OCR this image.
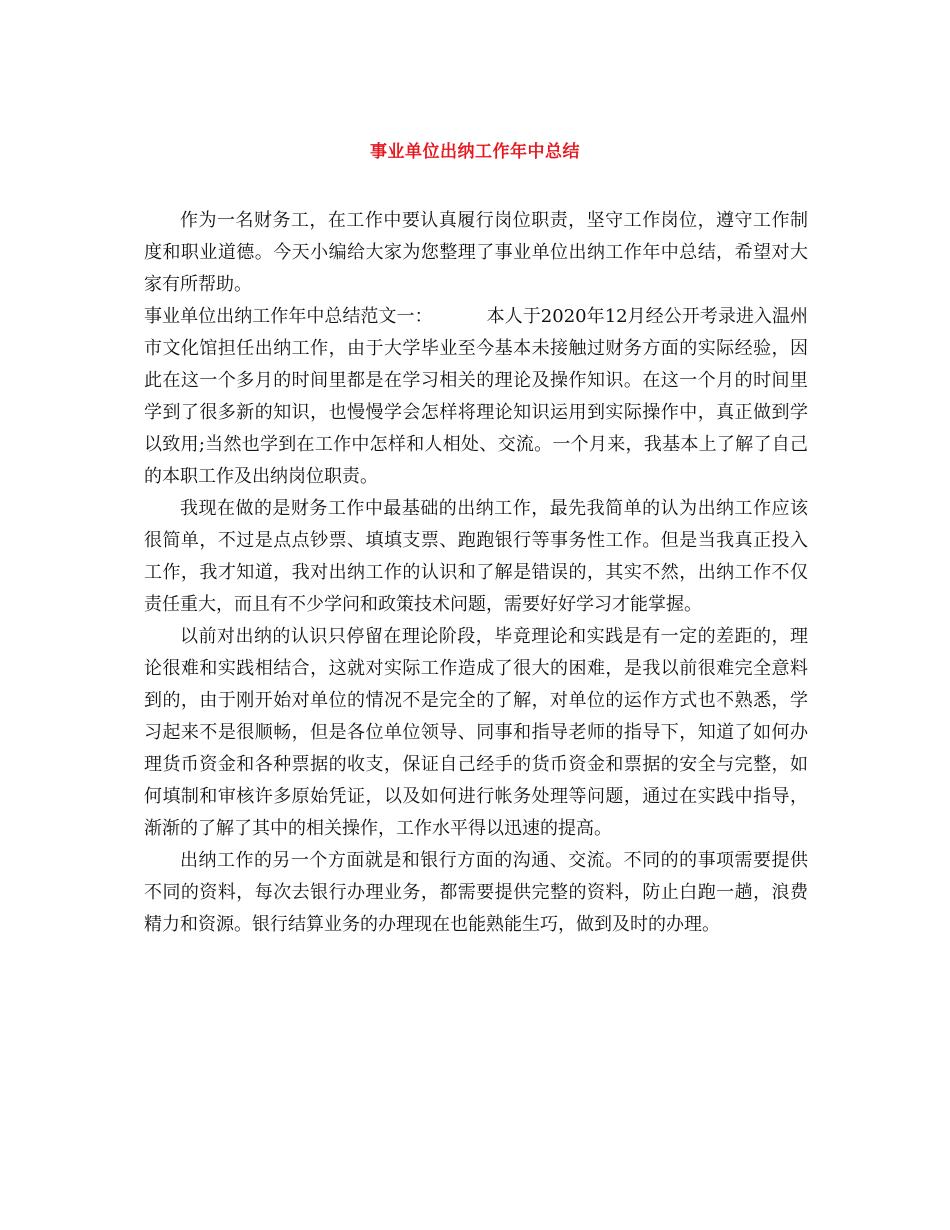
事业单位出纳工作年中总结

作为一名财务工，在工作中要认真履行岗位职责，坚守工作岗位，遵守工作制度和职业道德。今天小编给大家为您整理了事业单位出纳工作年中总结，希望对大家有所帮助。

事业单位出纳工作年中总结范文一：	本人于2020年12月经公开考录进入温州市文化馆担任出纳工作，由于大学毕业至今基本未接触过财务方面的实际经验，因此在这一个多月的时间里都是在学习相关的理论及操作知识。在这一个月的时间里学到了很多新的知识，也慢慢学会怎样将理论知识运用到实际操作中，真正做到学以致用;当然也学到在工作中怎样和人相处、交流。一个月来，我基本上了解了自己的本职工作及出纳岗位职责。

我现在做的是财务工作中最基础的出纳工作，最先我简单的认为出纳工作应该很简单，不过是点点钞票、填填支票、跑跑银行等事务性工作。但是当我真正投入工作，我才知道，我对出纳工作的认识和了解是错误的，其实不然，出纳工作不仅责任重大，而且有不少学问和政策技术问题，需要好好学习才能掌握。

以前对出纳的认识只停留在理论阶段，毕竟理论和实践是有一定的差距的，理论很难和实践相结合，这就对实际工作造成了很大的困难，是我以前很难完全意料到的，由于刚开始对单位的情况不是完全的了解，对单位的运作方式也不熟悉，学习起来不是很顺畅，但是各位单位领导、同事和指导老师的指导下，知道了如何办理货币资金和各种票据的收支，保证自己经手的货币资金和票据的安全与完整，如何填制和审核许多原始凭证，以及如何进行帐务处理等问题，通过在实践中指导，渐渐的了解了其中的相关操作，工作水平得以迅速的提高。

出纳工作的另一个方面就是和银行方面的沟通、交流。不同的的事项需要提供不同的资料，每次去银行办理业务，都需要提供完整的资料，防止白跑一趟，浪费精力和资源。银行结算业务的办理现在也能熟能生巧，做到及时的办理。
